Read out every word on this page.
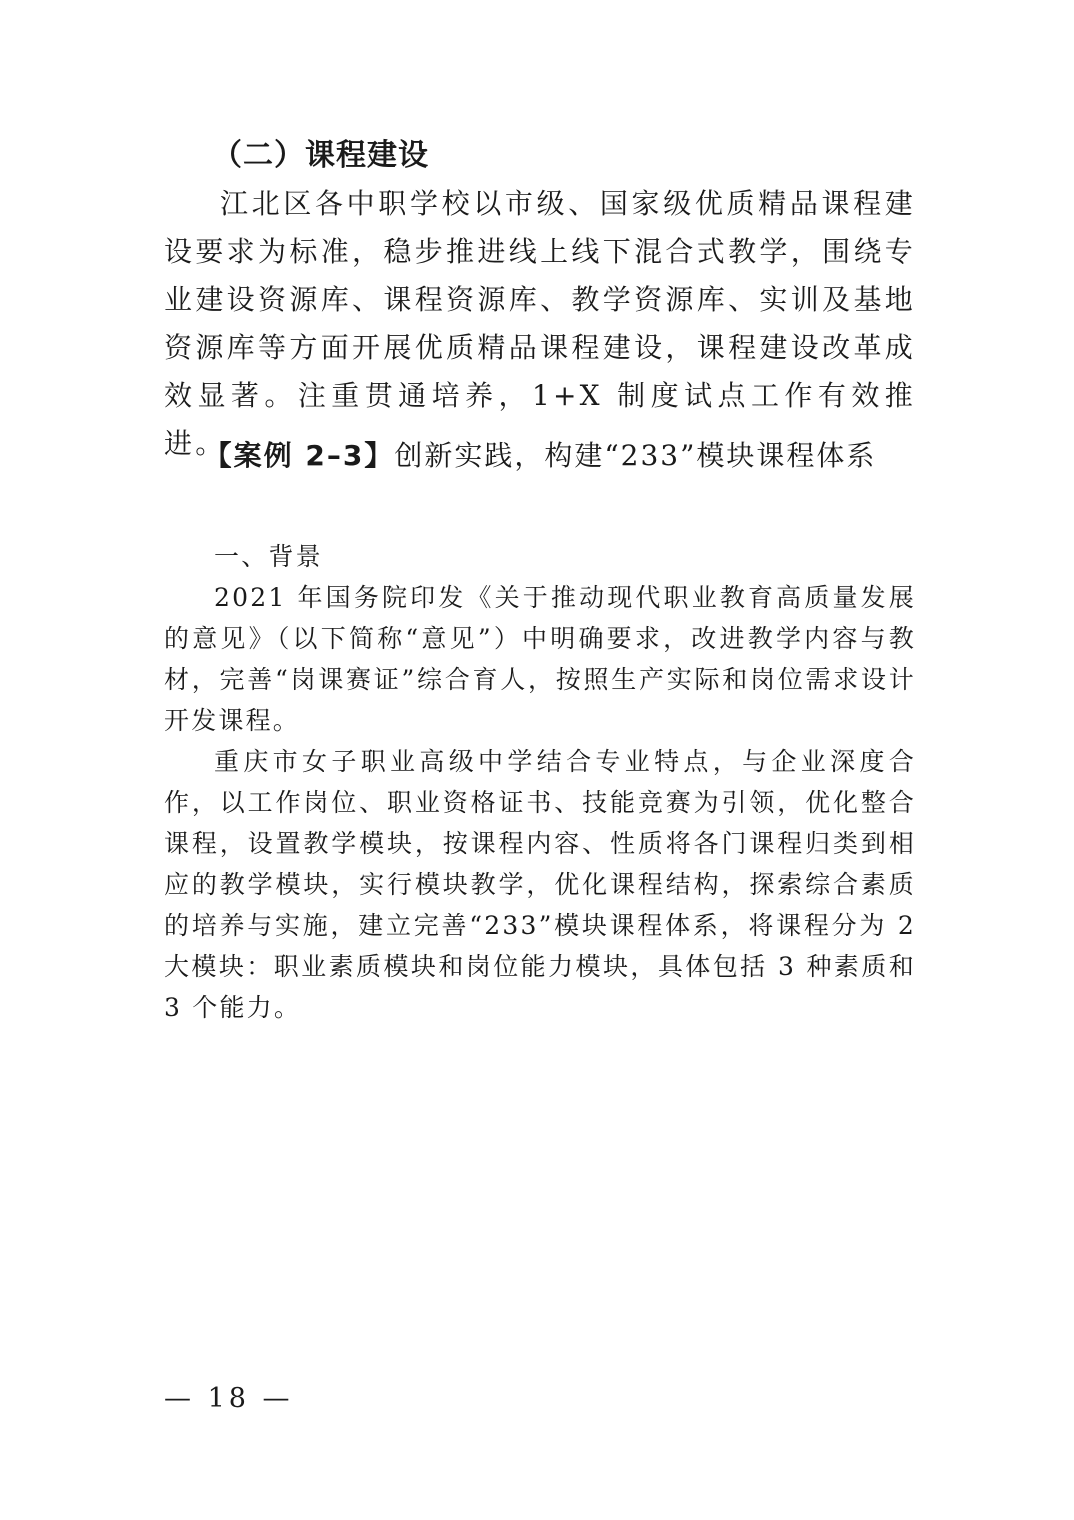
（二）课程建设

江北区各中职学校以市级、国家级优质精品课程建设要求为标准，稳步推进线上线下混合式教学，围绕专业建设资源库、课程资源库、教学资源库、实训及基地资源库等方面开展优质精品课程建设，课程建设改革成效显著。注重贯通培养，1+X 制度试点工作有效推进。

【案例 2–3】创新实践，构建“233”模块课程体系
一、背景

2021 年国务院印发《关于推动现代职业教育高质量发展的意见》（以下简称“意见”）中明确要求，改进教学内容与教材，完善“岗课赛证”综合育人，按照生产实际和岗位需求设计开发课程。

重庆市女子职业高级中学结合专业特点，与企业深度合作，以工作岗位、职业资格证书、技能竞赛为引领，优化整合课程，设置教学模块，按课程内容、性质将各门课程归类到相应的教学模块，实行模块教学，优化课程结构，探索综合素质的培养与实施，建立完善“233”模块课程体系，将课程分为 2 大模块：职业素质模块和岗位能力模块，具体包括 3 种素质和 3 个能力。

— 18 —
